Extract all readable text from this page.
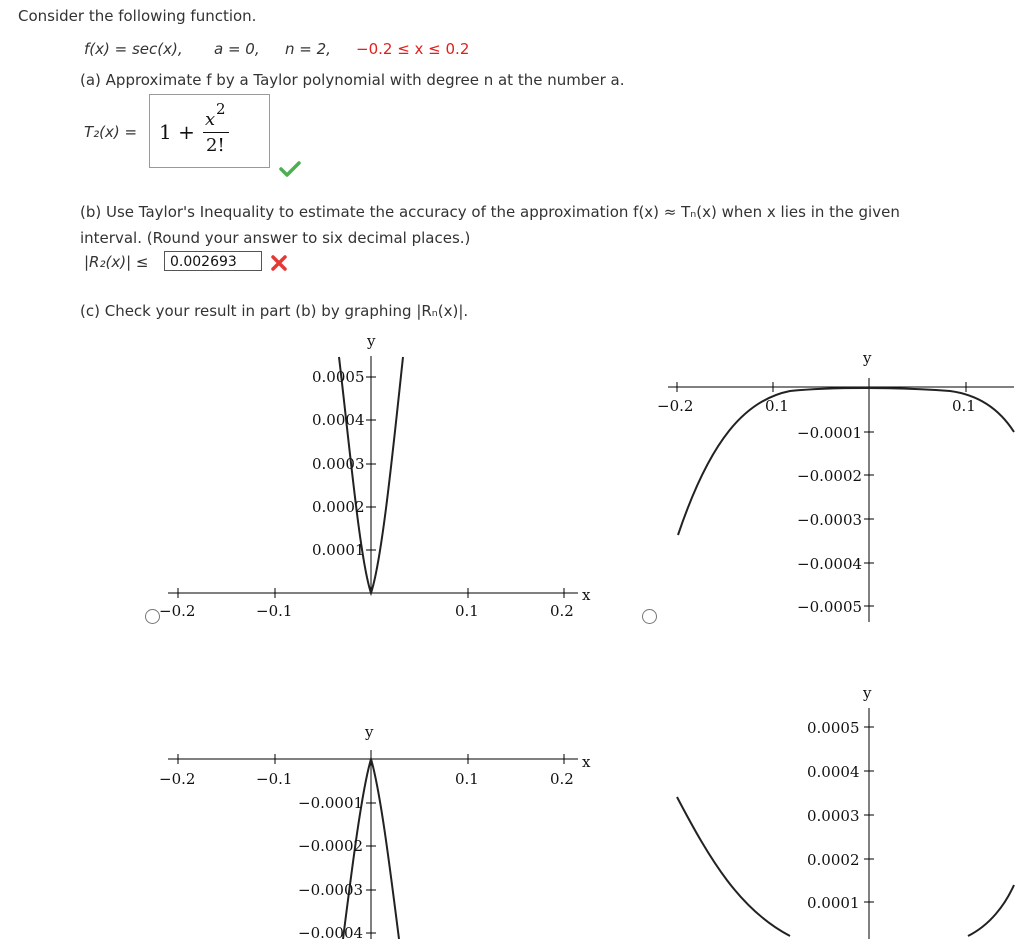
Consider the following function.
f(x) = sec(x), a = 0, n = 2, −0.2 ≤ x ≤ 0.2
(a) Approximate f by a Taylor polynomial with degree n at the number a.
T₂(x) = 1 +
x 2
2!
(b) Use Taylor's Inequality to estimate the accuracy of the approximation f(x) ≈ Tₙ(x) when x lies in the given
interval. (Round your answer to six decimal places.)
|R₂(x)| ≤	0.002693
(c) Check your result in part (b) by graphing |Rₙ(x)|.
y
x
−0.2	−0.1	0.1	0.2
0.0005
0.0004
0.0003
0.0002
0.0001
y
−0.2	0.1	0.1
−0.0001
−0.0002
−0.0003
−0.0004
−0.0005
y
x
−0.2	−0.1	0.1	0.2
−0.0001
−0.0002
−0.0003
−0.0004
y
0.0005
0.0004
0.0003
0.0002
0.0001
